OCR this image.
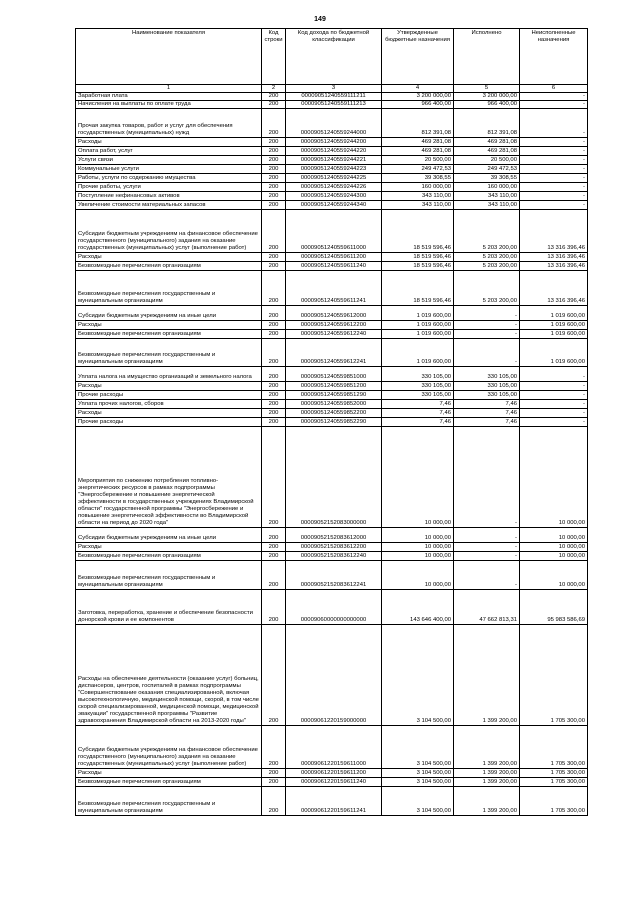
149
Наименование показателя	Код строки	Код дохода по бюджетной классификации	Утвержденные бюджетные назначения	Исполнено	Неисполненные назначения
1	2	3	4	5	6
Заработная плата	200	00009051240559111211	3 200 000,00	3 200 000,00	-
Начисления на выплаты по оплате труда	200	00009051240559111213	966 400,00	966 400,00	-
Прочая закупка товаров, работ и услуг для обеспечения государственных (муниципальных) нужд	200	00009051240559244000	812 391,08	812 391,08	-
Расходы	200	00009051240559244200	469 281,08	469 281,08	-
Оплата работ, услуг	200	00009051240559244220	469 281,08	469 281,08	-
Услуги связи	200	00009051240559244221	20 500,00	20 500,00	-
Коммунальные услуги	200	00009051240559244223	249 472,53	249 472,53	-
Работы, услуги по содержанию имущества	200	00009051240559244225	39 308,55	39 308,55	-
Прочие работы, услуги	200	00009051240559244226	160 000,00	160 000,00	-
Поступление нефинансовых активов	200	00009051240559244300	343 110,00	343 110,00	-
Увеличение стоимости материальных запасов	200	00009051240559244340	343 110,00	343 110,00	-
Субсидии бюджетным учреждениям на финансовое обеспечение государственного (муниципального) задания на оказание государственных (муниципальных) услуг (выполнение работ)	200	00009051240559611000	18 519 596,46	5 203 200,00	13 316 396,46
Расходы	200	00009051240559611200	18 519 596,46	5 203 200,00	13 316 396,46
Безвозмездные перечисления организациям	200	00009051240559611240	18 519 596,46	5 203 200,00	13 316 396,46
Безвозмездные перечисления государственным и муниципальным организациям	200	00009051240559611241	18 519 596,46	5 203 200,00	13 316 396,46
Субсидии бюджетным учреждениям на иные цели	200	00009051240559612000	1 019 600,00	-	1 019 600,00
Расходы	200	00009051240559612200	1 019 600,00	-	1 019 600,00
Безвозмездные перечисления организациям	200	00009051240559612240	1 019 600,00	-	1 019 600,00
Безвозмездные перечисления государственным и муниципальным организациям	200	00009051240559612241	1 019 600,00	-	1 019 600,00
Уплата налога на имущество организаций и земельного налога	200	00009051240559851000	330 105,00	330 105,00	-
Расходы	200	00009051240559851200	330 105,00	330 105,00	-
Прочие расходы	200	00009051240559851290	330 105,00	330 105,00	-
Уплата прочих налогов, сборов	200	00009051240559852000	7,46	7,46	-
Расходы	200	00009051240559852200	7,46	7,46	-
Прочие расходы	200	00009051240559852290	7,46	7,46	-
Мероприятия по снижению потребления топливно-энергетических ресурсов в рамках подпрограммы "Энергосбережение и повышение энергетической эффективности в государственных учреждениях Владимирской области" государственной программы "Энергосбережение и повышение энергетической эффективности во Владимирской области на период до 2020 года"	200	00009052152083000000	10 000,00	-	10 000,00
Субсидии бюджетным учреждениям на иные цели	200	00009052152083612000	10 000,00	-	10 000,00
Расходы	200	00009052152083612200	10 000,00	-	10 000,00
Безвозмездные перечисления организациям	200	00009052152083612240	10 000,00	-	10 000,00
Безвозмездные перечисления государственным и муниципальным организациям	200	00009052152083612241	10 000,00	-	10 000,00
Заготовка, переработка, хранение и обеспечение безопасности донорской крови и ее компонентов	200	00009060000000000000	143 646 400,00	47 662 813,31	95 983 586,69
Расходы на обеспечение деятельности (оказание услуг) больниц, диспансеров, центров, госпиталей в рамках подпрограммы "Совершенствование оказания специализированной, включая высокотехнологичную, медицинской помощи, скорой, в том числе скорой специализированной, медицинской помощи, медицинской эвакуации" государственной программы "Развитие здравоохранения Владимирской области на 2013-2020 годы"	200	00009061220159000000	3 104 500,00	1 399 200,00	1 705 300,00
Субсидии бюджетным учреждениям на финансовое обеспечение государственного (муниципального) задания на оказание государственных (муниципальных) услуг (выполнение работ)	200	00009061220159611000	3 104 500,00	1 399 200,00	1 705 300,00
Расходы	200	00009061220159611200	3 104 500,00	1 399 200,00	1 705 300,00
Безвозмездные перечисления организациям	200	00009061220159611240	3 104 500,00	1 399 200,00	1 705 300,00
Безвозмездные перечисления государственным и муниципальным организациям	200	00009061220159611241	3 104 500,00	1 399 200,00	1 705 300,00
